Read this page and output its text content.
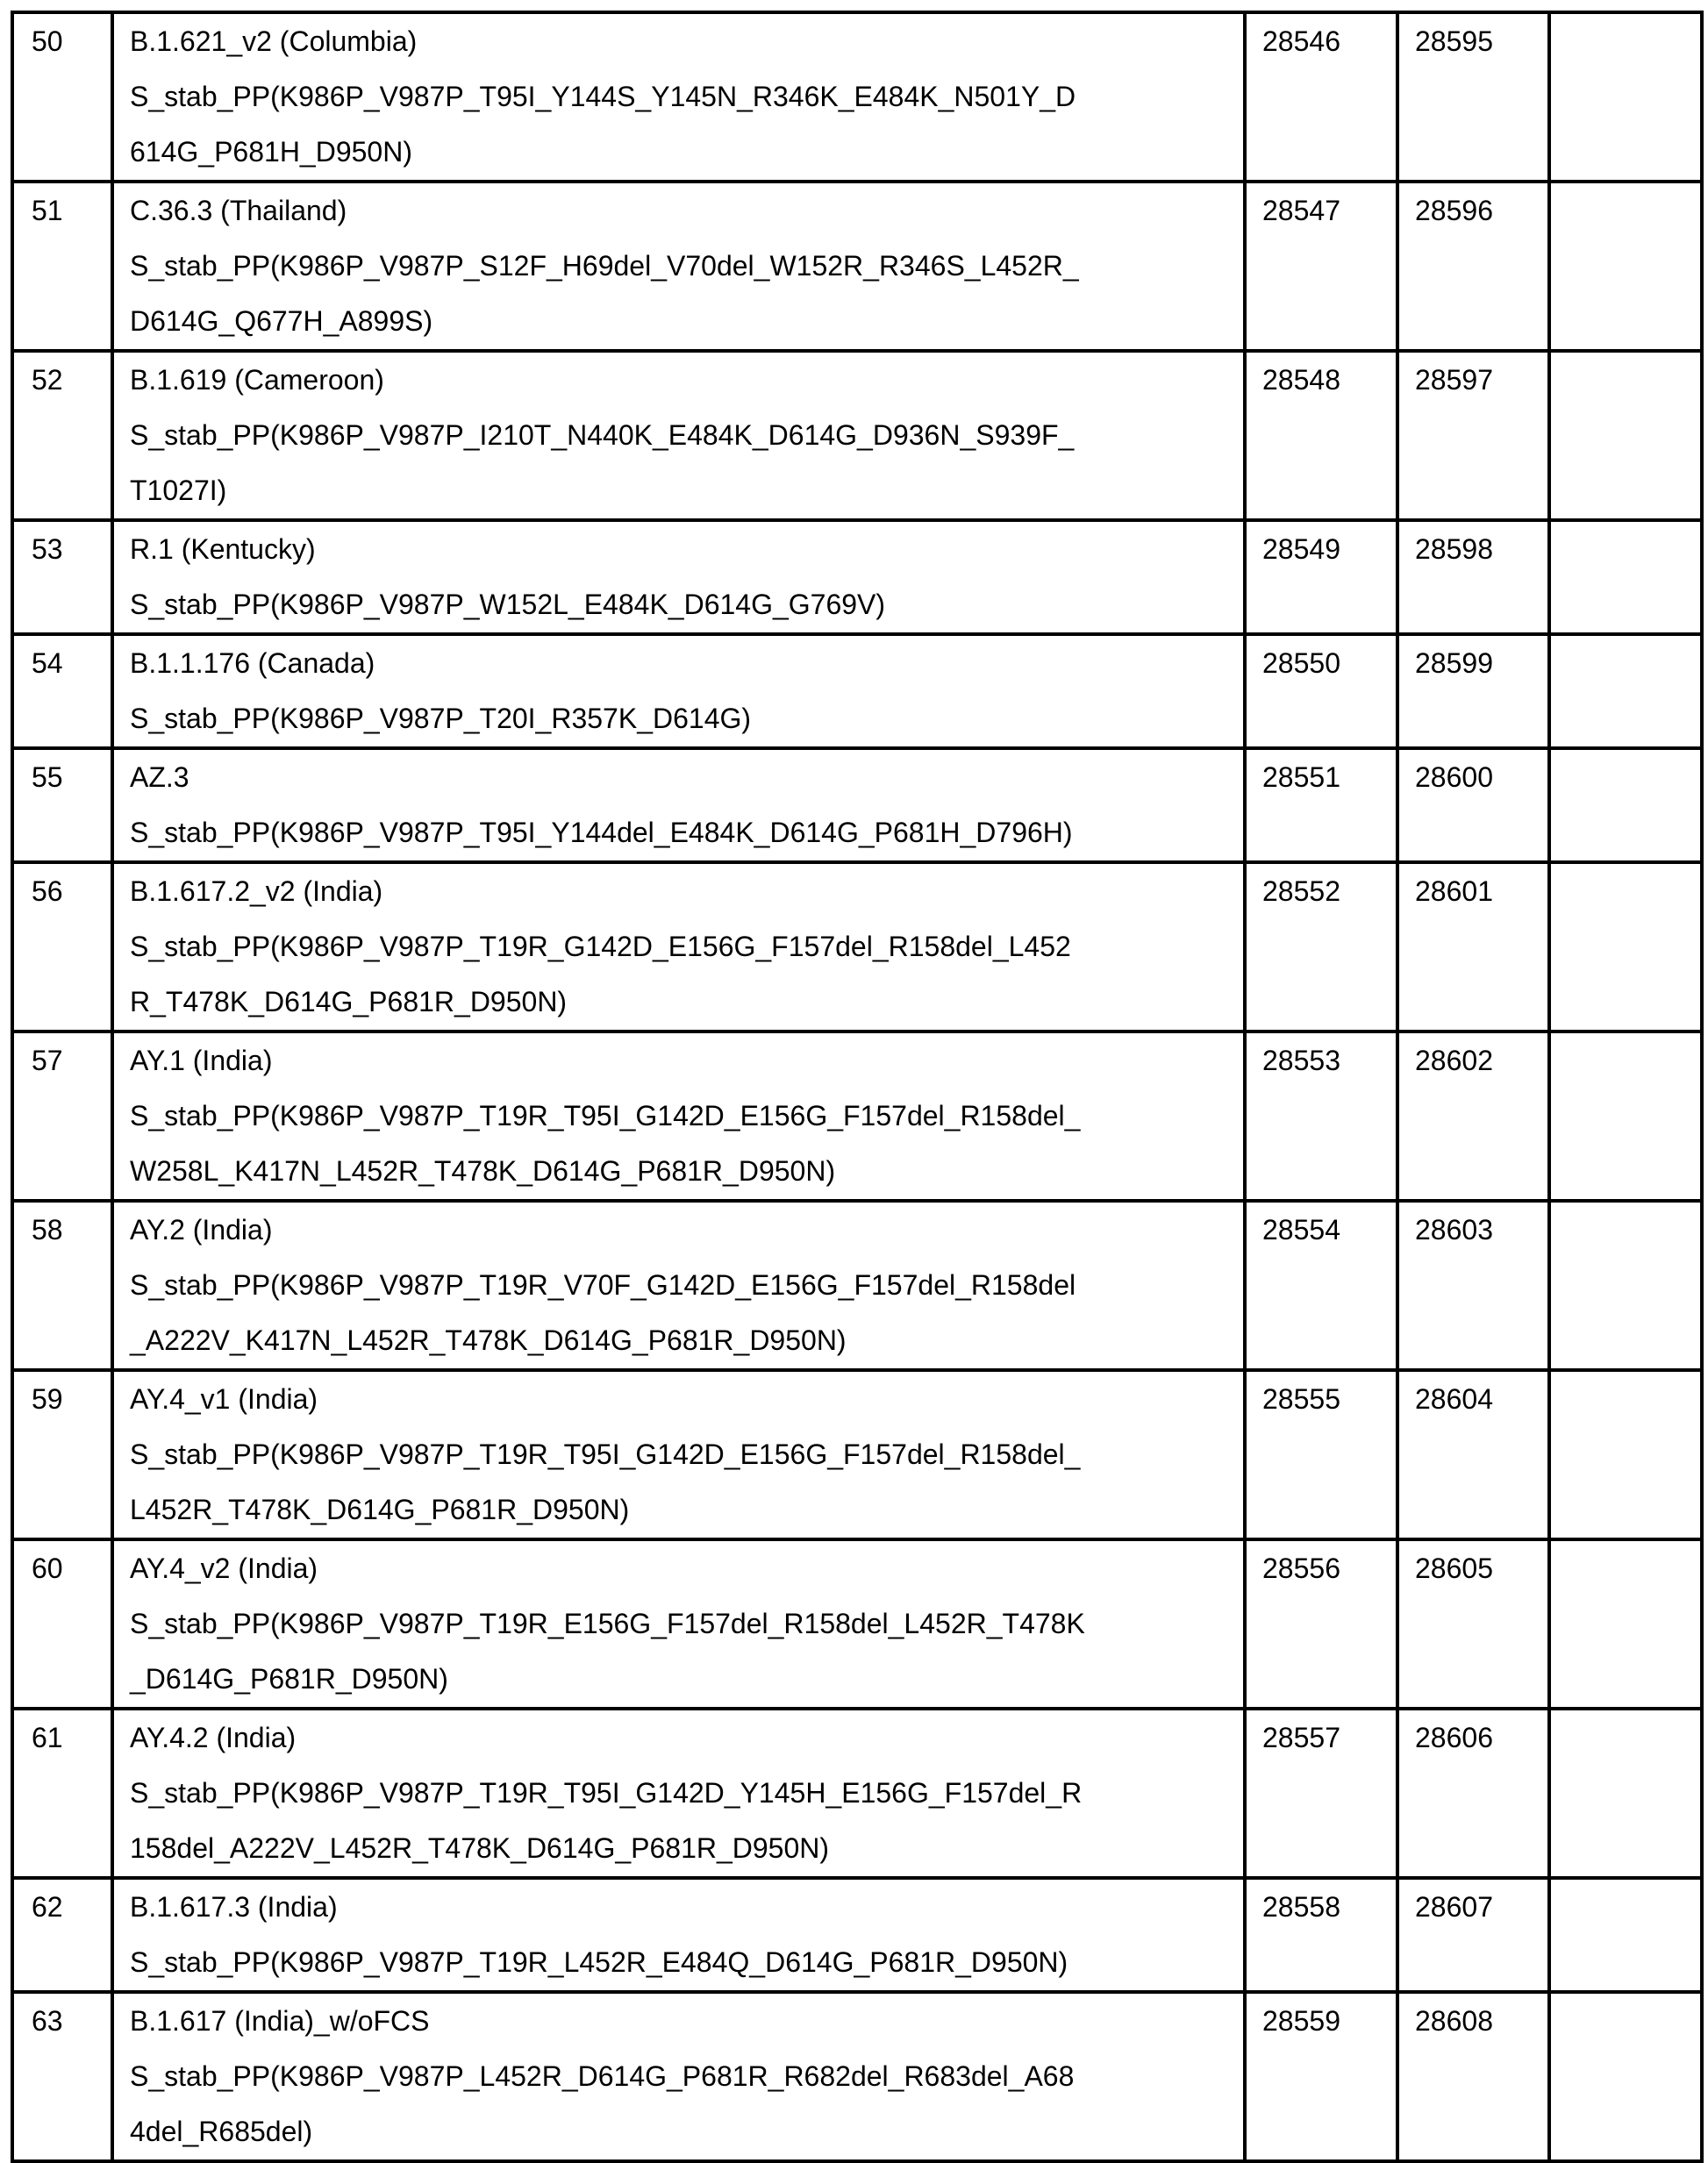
50	B.1.621_v2 (Columbia)
S_stab_PP(K986P_V987P_T95I_Y144S_Y145N_R346K_E484K_N501Y_D
614G_P681H_D950N)	28546	28595	
51	C.36.3 (Thailand)
S_stab_PP(K986P_V987P_S12F_H69del_V70del_W152R_R346S_L452R_
D614G_Q677H_A899S)	28547	28596	
52	B.1.619 (Cameroon)
S_stab_PP(K986P_V987P_I210T_N440K_E484K_D614G_D936N_S939F_
T1027I)	28548	28597	
53	R.1 (Kentucky)
S_stab_PP(K986P_V987P_W152L_E484K_D614G_G769V)	28549	28598	
54	B.1.1.176 (Canada)
S_stab_PP(K986P_V987P_T20I_R357K_D614G)	28550	28599	
55	AZ.3
S_stab_PP(K986P_V987P_T95I_Y144del_E484K_D614G_P681H_D796H)	28551	28600	
56	B.1.617.2_v2 (India)
S_stab_PP(K986P_V987P_T19R_G142D_E156G_F157del_R158del_L452
R_T478K_D614G_P681R_D950N)	28552	28601	
57	AY.1 (India)
S_stab_PP(K986P_V987P_T19R_T95I_G142D_E156G_F157del_R158del_
W258L_K417N_L452R_T478K_D614G_P681R_D950N)	28553	28602	
58	AY.2 (India)
S_stab_PP(K986P_V987P_T19R_V70F_G142D_E156G_F157del_R158del
_A222V_K417N_L452R_T478K_D614G_P681R_D950N)	28554	28603	
59	AY.4_v1 (India)
S_stab_PP(K986P_V987P_T19R_T95I_G142D_E156G_F157del_R158del_
L452R_T478K_D614G_P681R_D950N)	28555	28604	
60	AY.4_v2 (India)
S_stab_PP(K986P_V987P_T19R_E156G_F157del_R158del_L452R_T478K
_D614G_P681R_D950N)	28556	28605	
61	AY.4.2 (India)
S_stab_PP(K986P_V987P_T19R_T95I_G142D_Y145H_E156G_F157del_R
158del_A222V_L452R_T478K_D614G_P681R_D950N)	28557	28606	
62	B.1.617.3 (India)
S_stab_PP(K986P_V987P_T19R_L452R_E484Q_D614G_P681R_D950N)	28558	28607	
63	B.1.617 (India)_w/oFCS
S_stab_PP(K986P_V987P_L452R_D614G_P681R_R682del_R683del_A68
4del_R685del)	28559	28608	
